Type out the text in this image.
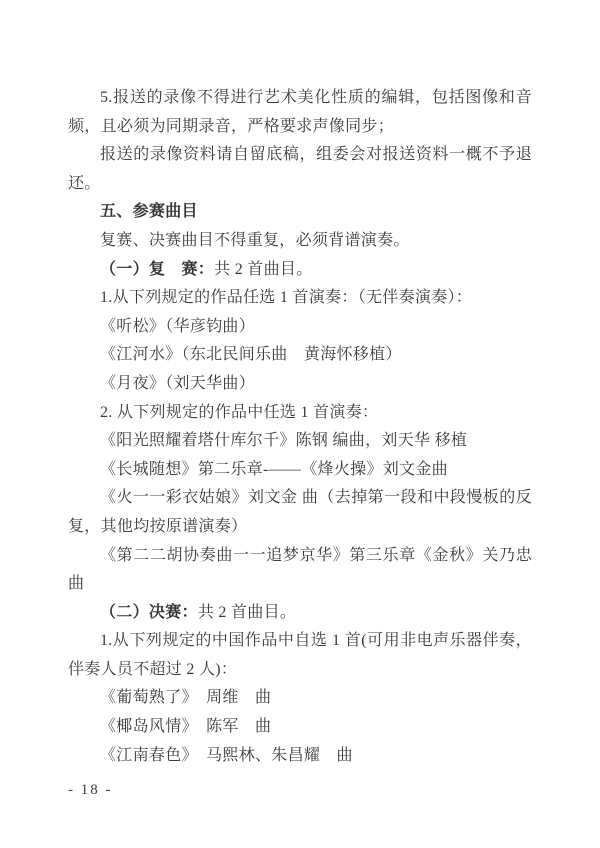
5.报送的录像不得进行艺术美化性质的编辑，包括图像和音频，且必须为同期录音，严格要求声像同步；
报送的录像资料请自留底稿，组委会对报送资料一概不予退还。
五、参赛曲目
复赛、决赛曲目不得重复，必须背谱演奏。
（一）复　赛：共 2 首曲目。
1.从下列规定的作品任选 1 首演奏：（无伴奏演奏）：
《听松》（华彦钧曲）
《江河水》（东北民间乐曲　黄海怀移植）
《月夜》（刘天华曲）
2. 从下列规定的作品中任选 1 首演奏：
《阳光照耀着塔什库尔千》陈钢 编曲，刘天华 移植
《长城随想》第二乐章-——《烽火操》刘文金曲
《火一一彩衣姑娘》刘文金 曲（去掉第一段和中段慢板的反复，其他均按原谱演奏）
《第二二胡协奏曲一一追梦京华》第三乐章《金秋》关乃忠曲
（二）决赛：共 2 首曲目。
1.从下列规定的中国作品中自选 1 首(可用非电声乐器伴奏，伴奏人员不超过 2 人)：
《葡萄熟了》　周维　曲
《椰岛风情》　陈军　曲
《江南春色》　马熙林、朱昌耀　曲
- 18 -
